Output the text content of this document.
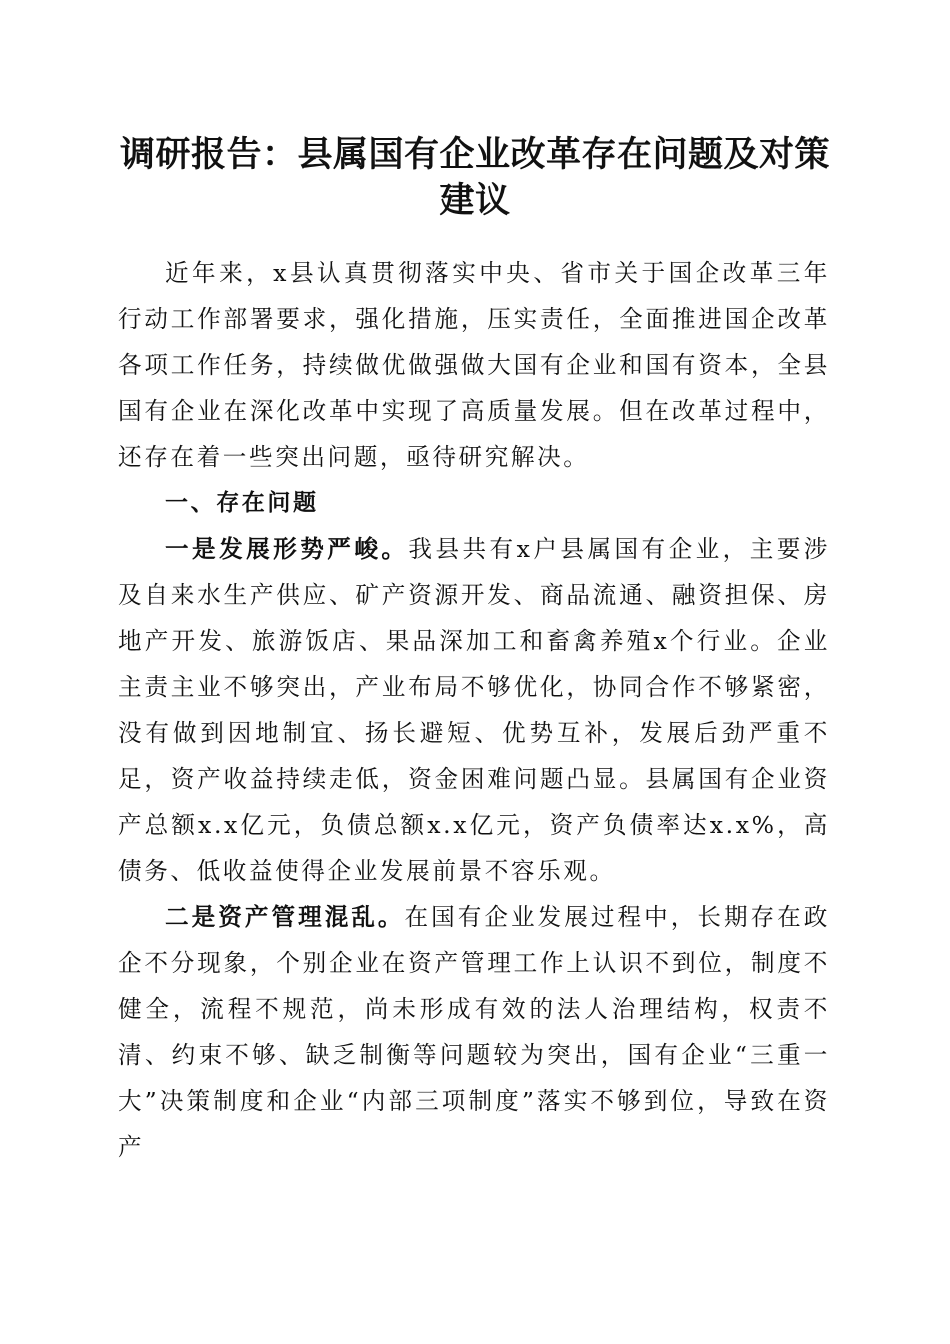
调研报告：县属国有企业改革存在问题及对策建议

近年来，x县认真贯彻落实中央、省市关于国企改革三年行动工作部署要求，强化措施，压实责任，全面推进国企改革各项工作任务，持续做优做强做大国有企业和国有资本，全县国有企业在深化改革中实现了高质量发展。但在改革过程中，还存在着一些突出问题，亟待研究解决。

一、存在问题

一是发展形势严峻。我县共有x户县属国有企业，主要涉及自来水生产供应、矿产资源开发、商品流通、融资担保、房地产开发、旅游饭店、果品深加工和畜禽养殖x个行业。企业主责主业不够突出，产业布局不够优化，协同合作不够紧密，没有做到因地制宜、扬长避短、优势互补，发展后劲严重不足，资产收益持续走低，资金困难问题凸显。县属国有企业资产总额x.x亿元，负债总额x.x亿元，资产负债率达x.x%，高债务、低收益使得企业发展前景不容乐观。

二是资产管理混乱。在国有企业发展过程中，长期存在政企不分现象，个别企业在资产管理工作上认识不到位，制度不健全，流程不规范，尚未形成有效的法人治理结构，权责不清、约束不够、缺乏制衡等问题较为突出，国有企业“三重一大”决策制度和企业“内部三项制度”落实不够到位，导致在资产
